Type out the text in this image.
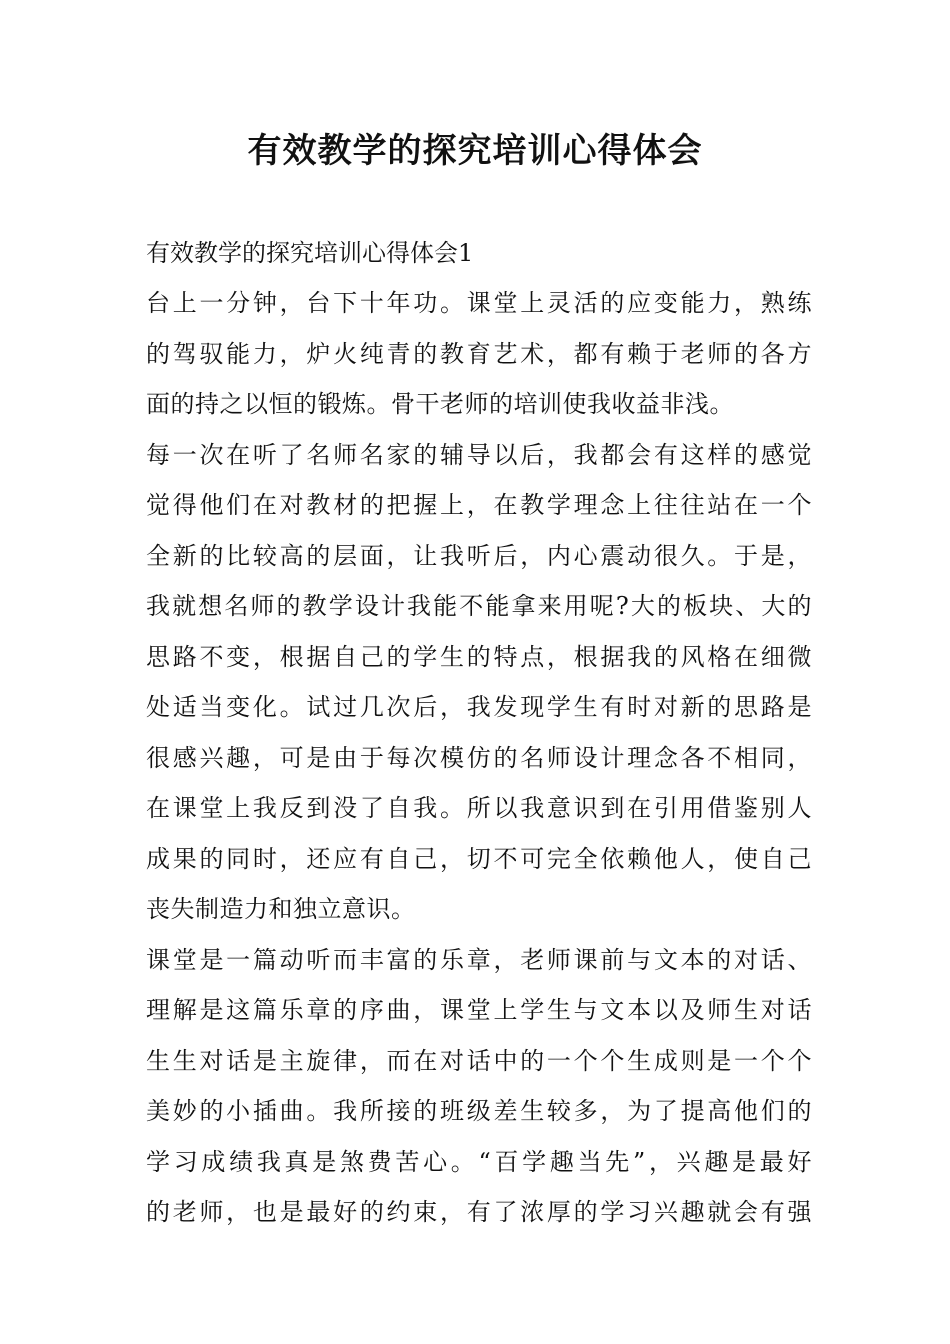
有效教学的探究培训心得体会

有效教学的探究培训心得体会1

台上一分钟，台下十年功。课堂上灵活的应变能力，熟练

的驾驭能力，炉火纯青的教育艺术，都有赖于老师的各方

面的持之以恒的锻炼。骨干老师的培训使我收益非浅。

每一次在听了名师名家的辅导以后，我都会有这样的感觉

觉得他们在对教材的把握上，在教学理念上往往站在一个

全新的比较高的层面，让我听后，内心震动很久。于是，

我就想名师的教学设计我能不能拿来用呢?大的板块、大的

思路不变，根据自己的学生的特点，根据我的风格在细微

处适当变化。试过几次后，我发现学生有时对新的思路是

很感兴趣，可是由于每次模仿的名师设计理念各不相同，

在课堂上我反到没了自我。所以我意识到在引用借鉴别人

成果的同时，还应有自己，切不可完全依赖他人，使自己

丧失制造力和独立意识。

课堂是一篇动听而丰富的乐章，老师课前与文本的对话、

理解是这篇乐章的序曲，课堂上学生与文本以及师生对话

生生对话是主旋律，而在对话中的一个个生成则是一个个

美妙的小插曲。我所接的班级差生较多，为了提高他们的

学习成绩我真是煞费苦心。“百学趣当先”，兴趣是最好

的老师，也是最好的约束，有了浓厚的学习兴趣就会有强
